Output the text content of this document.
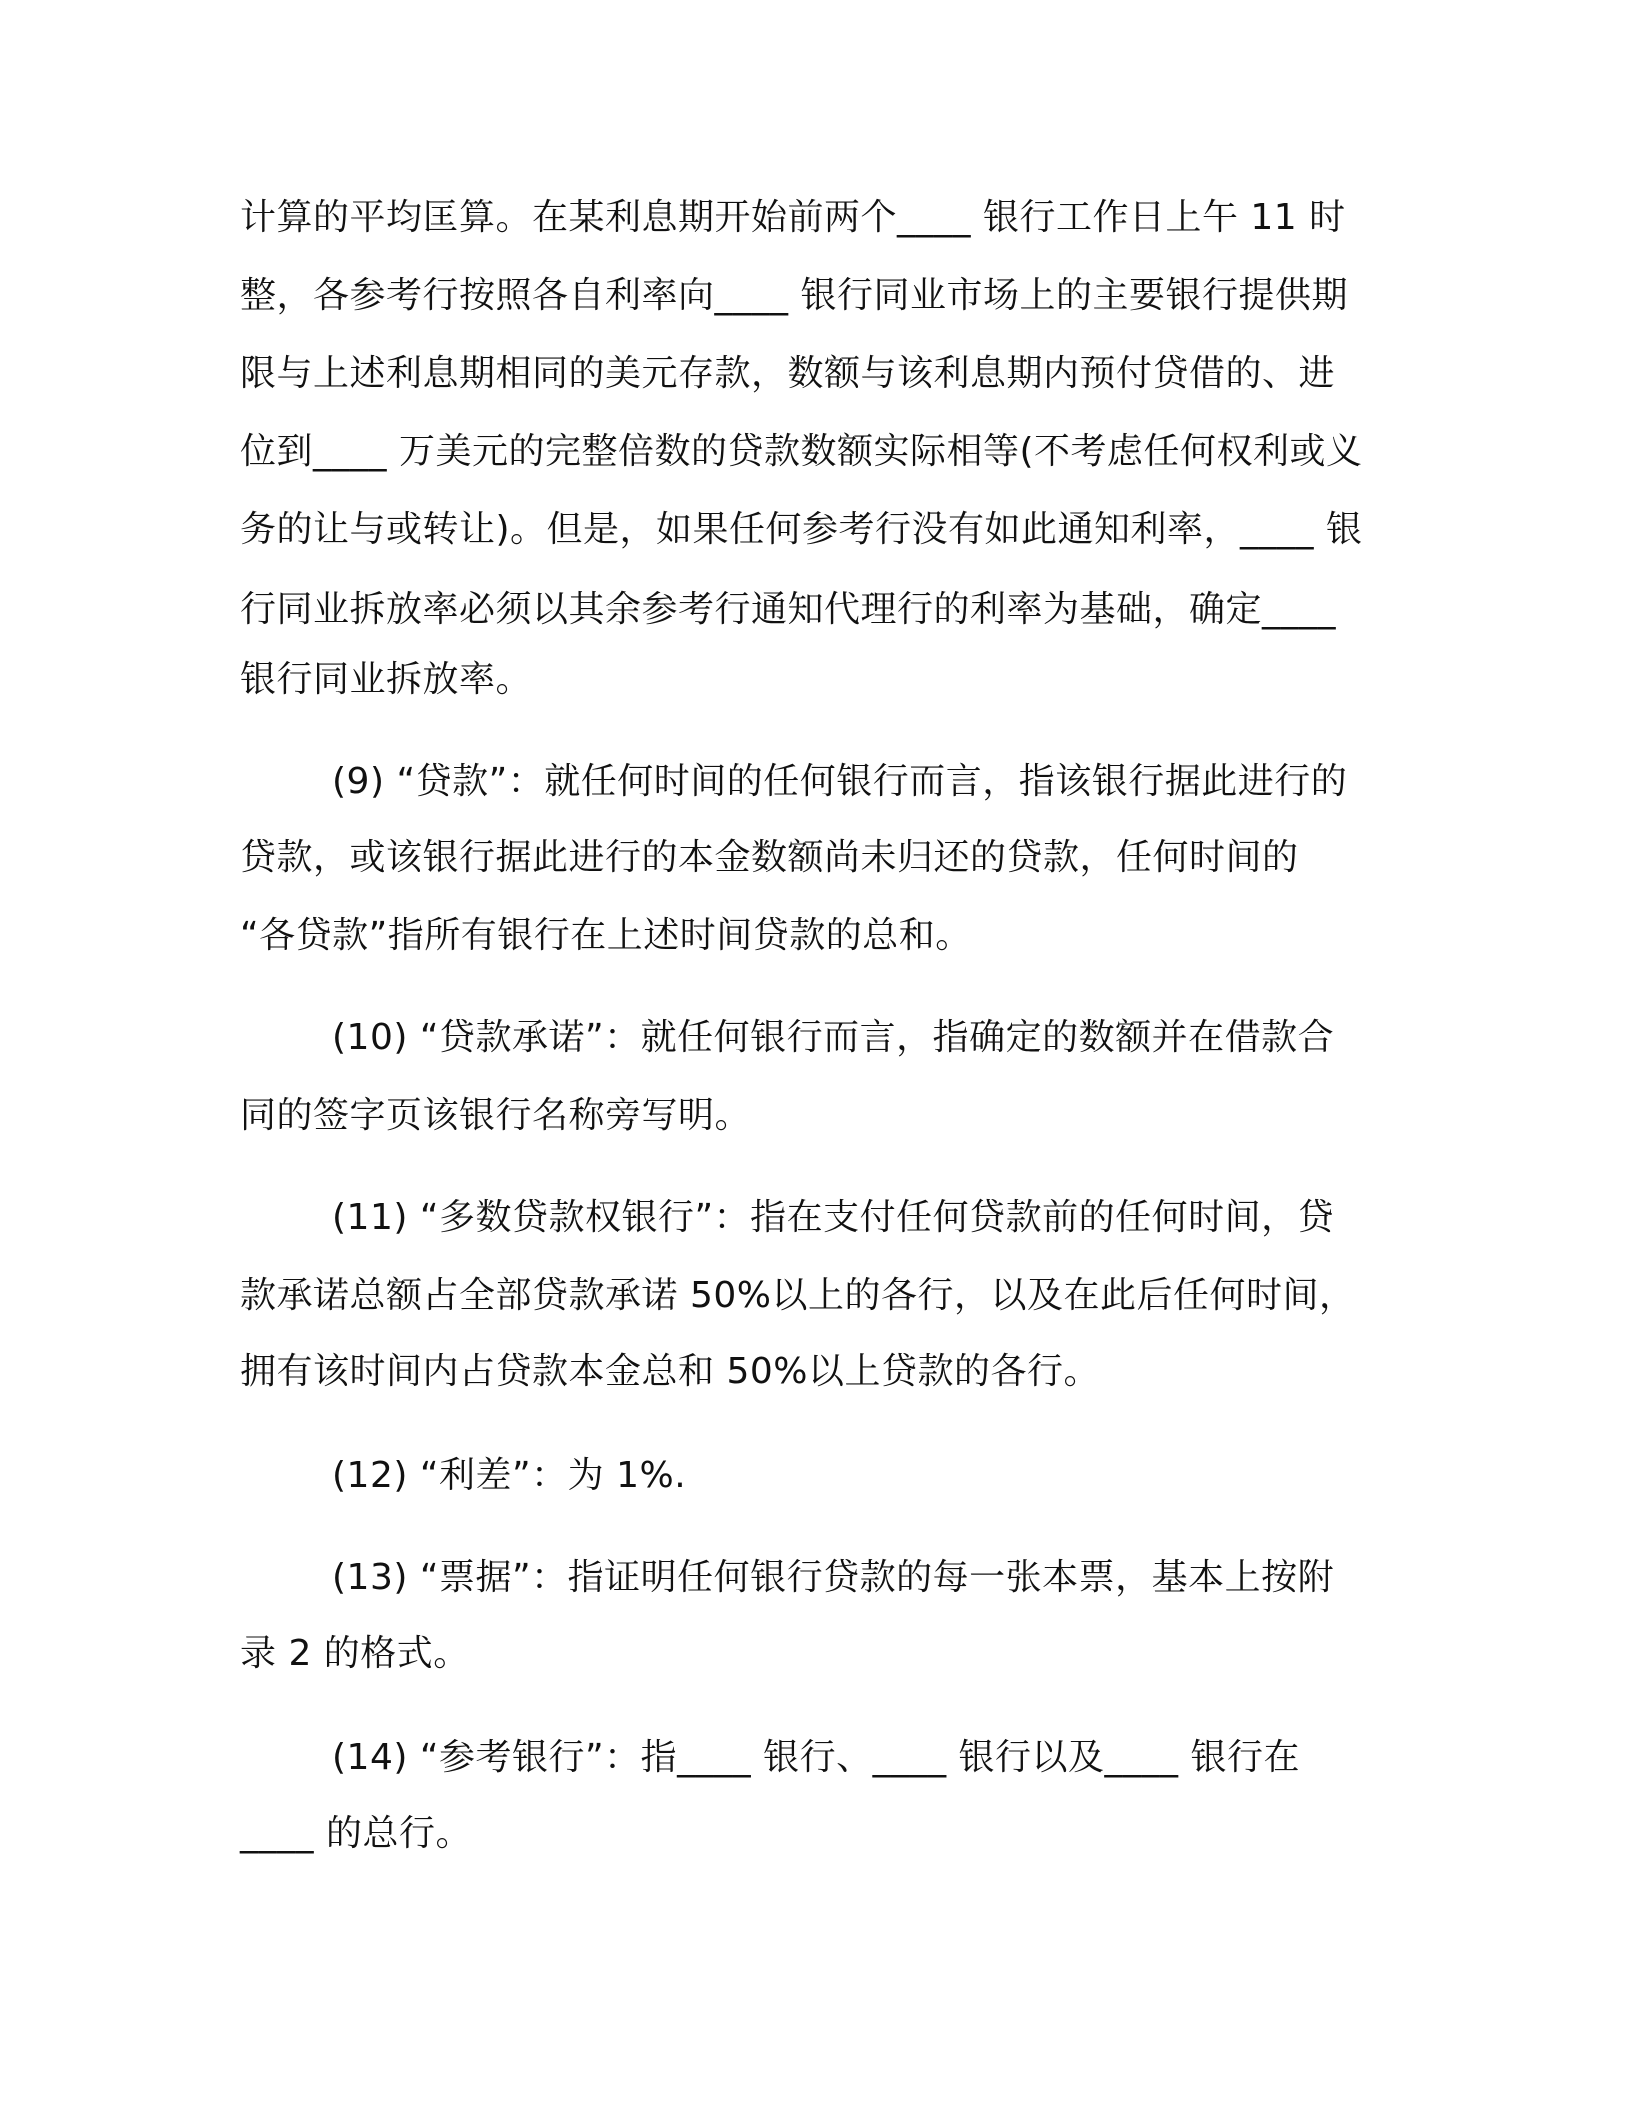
计算的平均匡算。在某利息期开始前两个____ 银行工作日上午 11 时
整，各参考行按照各自利率向____ 银行同业市场上的主要银行提供期
限与上述利息期相同的美元存款，数额与该利息期内预付贷借的、进
位到____ 万美元的完整倍数的贷款数额实际相等(不考虑任何权利或义
务的让与或转让)。但是，如果任何参考行没有如此通知利率，____ 银
行同业拆放率必须以其余参考行通知代理行的利率为基础，确定____
银行同业拆放率。
(9) “贷款”：就任何时间的任何银行而言，指该银行据此进行的
贷款，或该银行据此进行的本金数额尚未归还的贷款，任何时间的
“各贷款”指所有银行在上述时间贷款的总和。
(10) “贷款承诺”：就任何银行而言，指确定的数额并在借款合
同的签字页该银行名称旁写明。
(11) “多数贷款权银行”：指在支付任何贷款前的任何时间，贷
款承诺总额占全部贷款承诺 50%以上的各行，以及在此后任何时间，
拥有该时间内占贷款本金总和 50%以上贷款的各行。
(12) “利差”：为 1%.
(13) “票据”：指证明任何银行贷款的每一张本票，基本上按附
录 2 的格式。
(14) “参考银行”：指____ 银行、____ 银行以及____ 银行在
____ 的总行。
